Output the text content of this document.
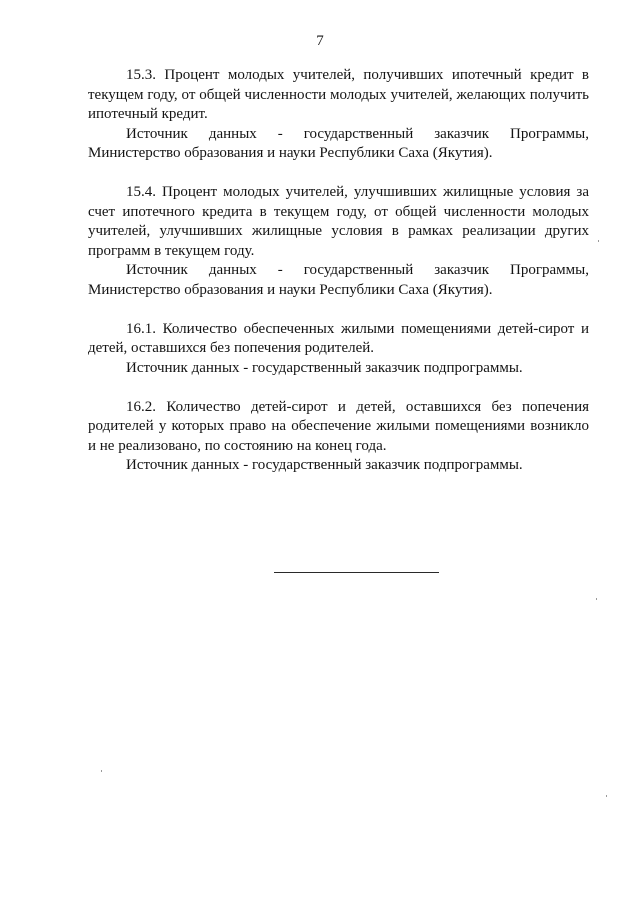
7

15.3. Процент молодых учителей, получивших ипотечный кредит в текущем году, от общей численности молодых учителей, желающих получить ипотечный кредит.

Источник данных - государственный заказчик Программы, Министерство образования и науки Республики Саха (Якутия).

15.4. Процент молодых учителей, улучшивших жилищные условия за счет ипотечного кредита в текущем году, от общей численности молодых учителей, улучшивших жилищные условия в рамках реализации других программ в текущем году.

Источник данных - государственный заказчик Программы, Министерство образования и науки Республики Саха (Якутия).

16.1. Количество обеспеченных жилыми помещениями детей-сирот и детей, оставшихся без попечения родителей.

Источник данных - государственный заказчик подпрограммы.

16.2. Количество детей-сирот и детей, оставшихся без попечения родителей у которых право на обеспечение жилыми помещениями возникло и не реализовано, по состоянию на конец года.

Источник данных - государственный заказчик подпрограммы.
